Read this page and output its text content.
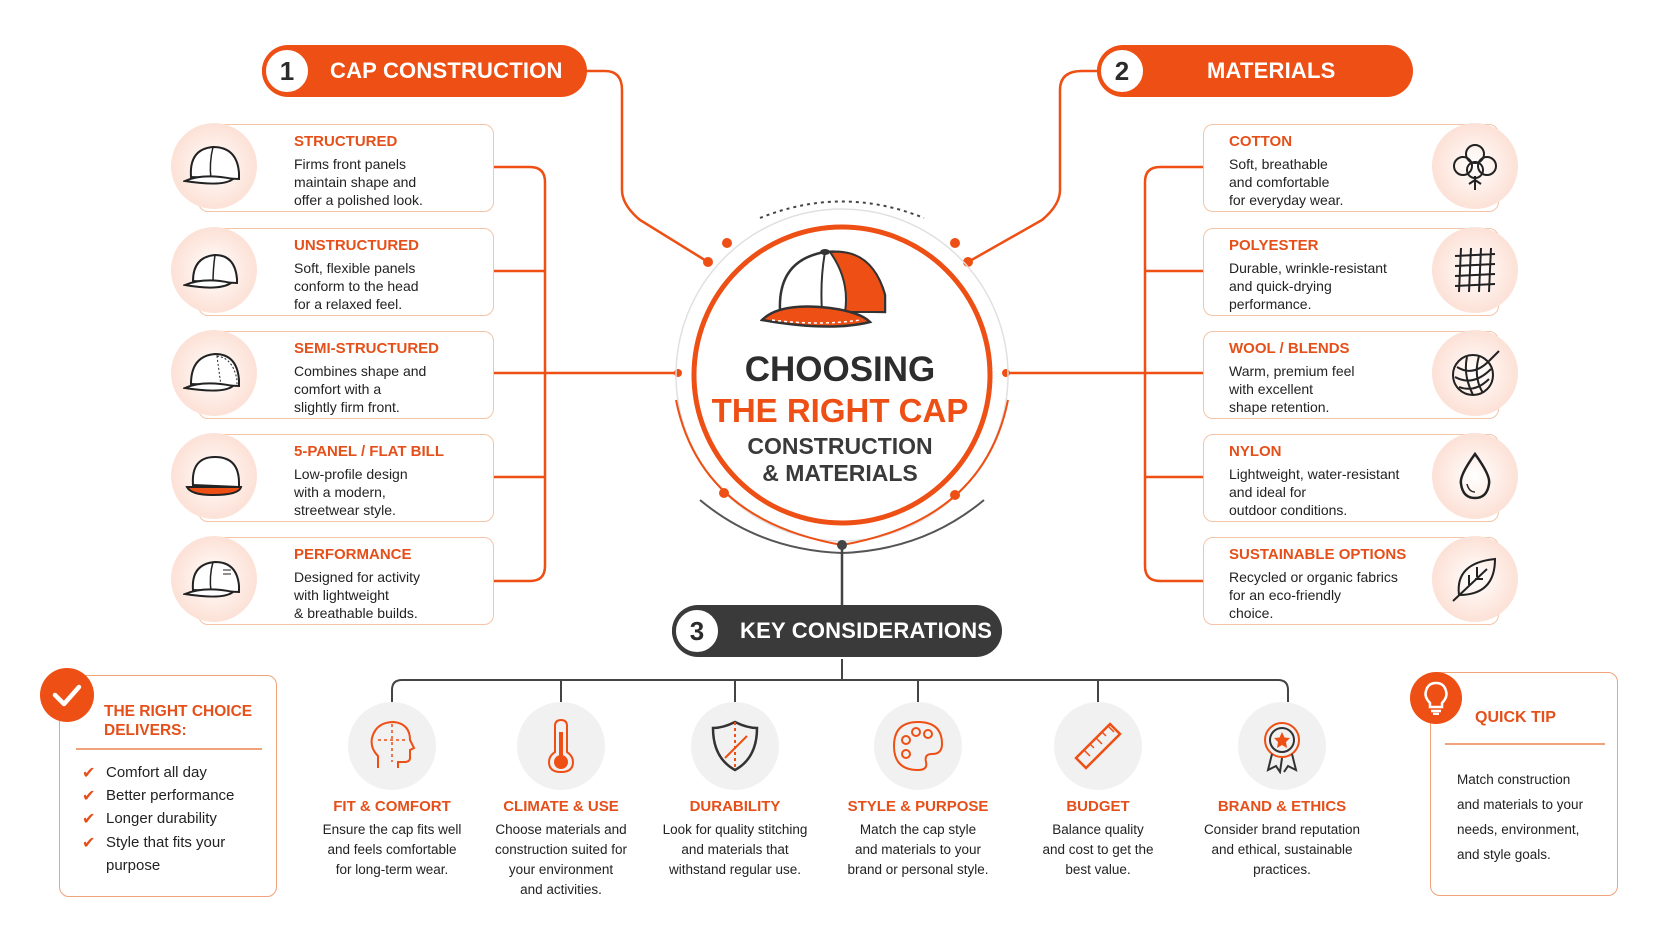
1	CAP CONSTRUCTION	2	MATERIALS
3	KEY CONSIDERATIONS
CHOOSING
THE RIGHT CAP
CONSTRUCTION
& MATERIALS
STRUCTURED
Firms front panels
maintain shape and
offer a polished look.
UNSTRUCTURED
Soft, flexible panels
conform to the head
for a relaxed feel.
SEMI-STRUCTURED
Combines shape and
comfort with a
slightly firm front.
5-PANEL / FLAT BILL
Low-profile design
with a modern,
streetwear style.
PERFORMANCE
Designed for activity
with lightweight
& breathable builds.
COTTON
Soft, breathable
and comfortable
for everyday wear.
POLYESTER
Durable, wrinkle-resistant
and quick-drying
performance.
WOOL / BLENDS
Warm, premium feel
with excellent
shape retention.
NYLON
Lightweight, water-resistant
and ideal for
outdoor conditions.
SUSTAINABLE OPTIONS
Recycled or organic fabrics
for an eco-friendly
choice.
FIT & COMFORT
Ensure the cap fits well
and feels comfortable
for long-term wear.
CLIMATE & USE
Choose materials and
construction suited for
your environment
and activities.
DURABILITY
Look for quality stitching
and materials that
withstand regular use.
STYLE & PURPOSE
Match the cap style
and materials to your
brand or personal style.
BUDGET
Balance quality
and cost to get the
best value.
BRAND & ETHICS
Consider brand reputation
and ethical, sustainable
practices.
THE RIGHT CHOICE
DELIVERS:
✔ Comfort all day
✔ Better performance
✔ Longer durability
✔ Style that fits your
purpose
QUICK TIP
Match construction
and materials to your
needs, environment,
and style goals.
